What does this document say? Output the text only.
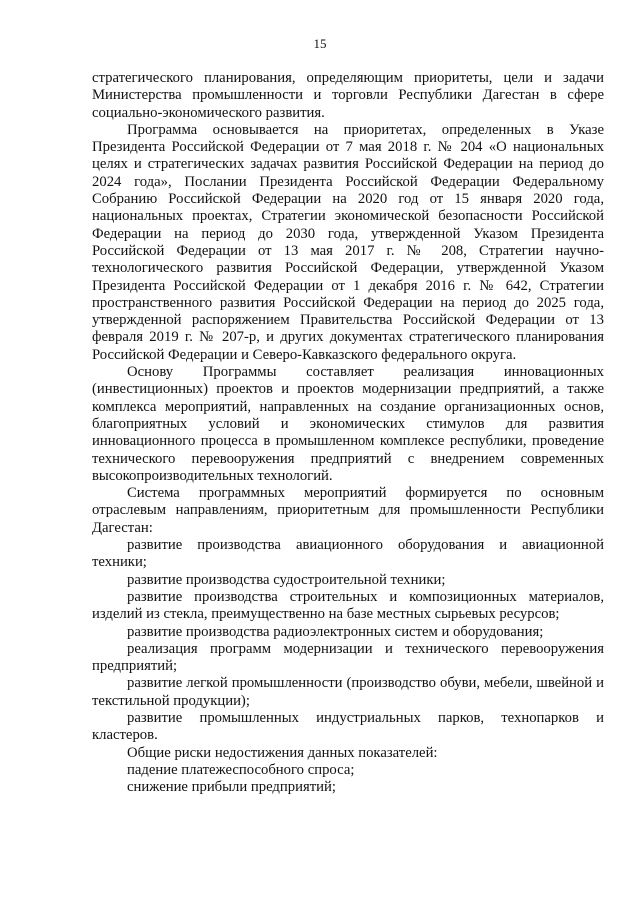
15

стратегического планирования, определяющим приоритеты, цели и задачи Министерства промышленности и торговли Республики Дагестан в сфере социально-экономического развития.

Программа основывается на приоритетах, определенных в Указе Президента Российской Федерации от 7 мая 2018 г. № 204 «О национальных целях и стратегических задачах развития Российской Федерации на период до 2024 года», Послании Президента Российской Федерации Федеральному Собранию Российской Федерации на 2020 год от 15 января 2020 года, национальных проектах, Стратегии экономической безопасности Российской Федерации на период до 2030 года, утвержденной Указом Президента Российской Федерации от 13 мая 2017 г. № 208, Стратегии научно-технологического развития Российской Федерации, утвержденной Указом Президента Российской Федерации от 1 декабря 2016 г. № 642, Стратегии пространственного развития Российской Федерации на период до 2025 года, утвержденной распоряжением Правительства Российской Федерации от 13 февраля 2019 г. № 207-р, и других документах стратегического планирования Российской Федерации и Северо-Кавказского федерального округа.

Основу Программы составляет реализация инновационных (инвестиционных) проектов и проектов модернизации предприятий, а также комплекса мероприятий, направленных на создание организационных основ, благоприятных условий и экономических стимулов для развития инновационного процесса в промышленном комплексе республики, проведение технического перевооружения предприятий с внедрением современных высокопроизводительных технологий.

Система программных мероприятий формируется по основным отраслевым направлениям, приоритетным для промышленности Республики Дагестан:

развитие производства авиационного оборудования и авиационной техники;

развитие производства судостроительной техники;

развитие производства строительных и композиционных материалов, изделий из стекла, преимущественно на базе местных сырьевых ресурсов;

развитие производства радиоэлектронных систем и оборудования;

реализация программ модернизации и технического перевооружения предприятий;

развитие легкой промышленности (производство обуви, мебели, швейной и текстильной продукции);

развитие промышленных индустриальных парков, технопарков и кластеров.

Общие риски недостижения данных показателей:

падение платежеспособного спроса;

снижение прибыли предприятий;
